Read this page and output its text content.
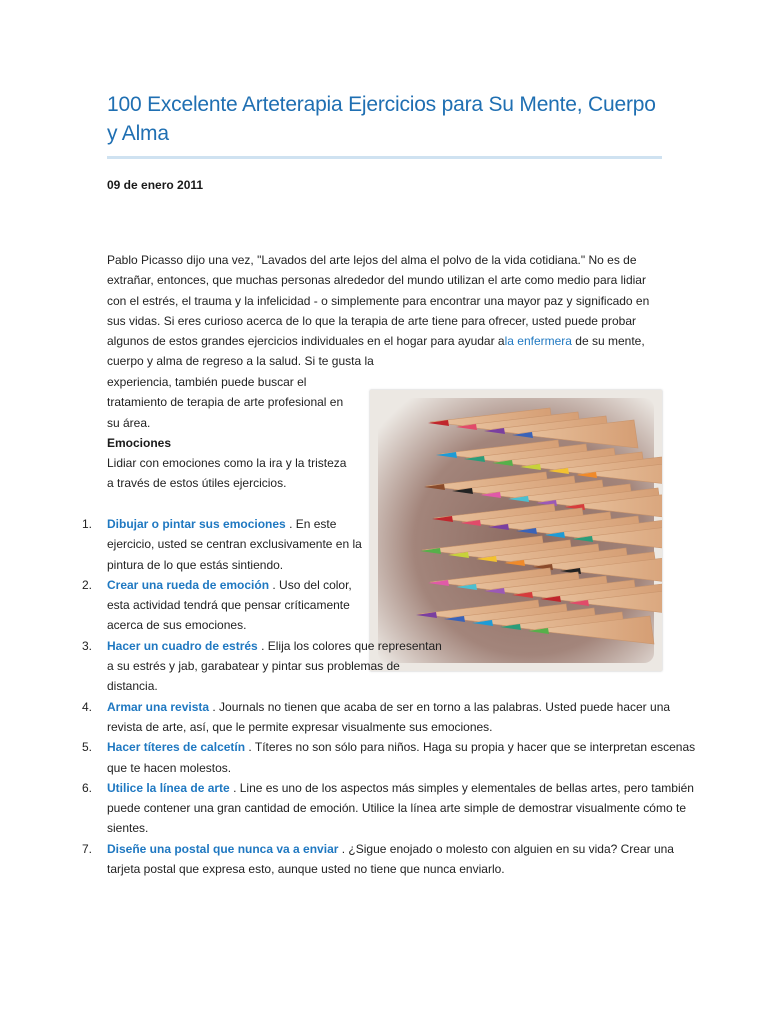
100 Excelente Arteterapia Ejercicios para Su Mente, Cuerpo y Alma
09 de enero 2011
Pablo Picasso dijo una vez, "Lavados del arte lejos del alma el polvo de la vida cotidiana." No es de extrañar, entonces, que muchas personas alrededor del mundo utilizan el arte como medio para lidiar con el estrés, el trauma y la infelicidad - o simplemente para encontrar una mayor paz y significado en sus vidas. Si eres curioso acerca de lo que la terapia de arte tiene para ofrecer, usted puede probar algunos de estos grandes ejercicios individuales en el hogar para ayudar ala enfermera de su mente, cuerpo y alma de regreso a la salud. Si te gusta la
experiencia, también puede buscar el tratamiento de terapia de arte profesional en su área.
Emociones
Lidiar con emociones como la ira y la tristeza a través de estos útiles ejercicios.
1. Dibujar o pintar sus emociones . En este ejercicio, usted se centran exclusivamente en la pintura de lo que estás sintiendo.
2. Crear una rueda de emoción . Uso del color, esta actividad tendrá que pensar críticamente acerca de sus emociones.
3. Hacer un cuadro de estrés . Elija los colores que representan a su estrés y jab, garabatear y pintar sus problemas de distancia.
4. Armar una revista . Journals no tienen que acaba de ser en torno a las palabras. Usted puede hacer una revista de arte, así, que le permite expresar visualmente sus emociones.
5. Hacer títeres de calcetín . Títeres no son sólo para niños. Haga su propia y hacer que se interpretan escenas que te hacen molestos.
6. Utilice la línea de arte . Line es uno de los aspectos más simples y elementales de bellas artes, pero también puede contener una gran cantidad de emoción. Utilice la línea arte simple de demostrar visualmente cómo te sientes.
7. Diseñe una postal que nunca va a enviar . ¿Sigue enojado o molesto con alguien en su vida? Crear una tarjeta postal que expresa esto, aunque usted no tiene que nunca enviarlo.
